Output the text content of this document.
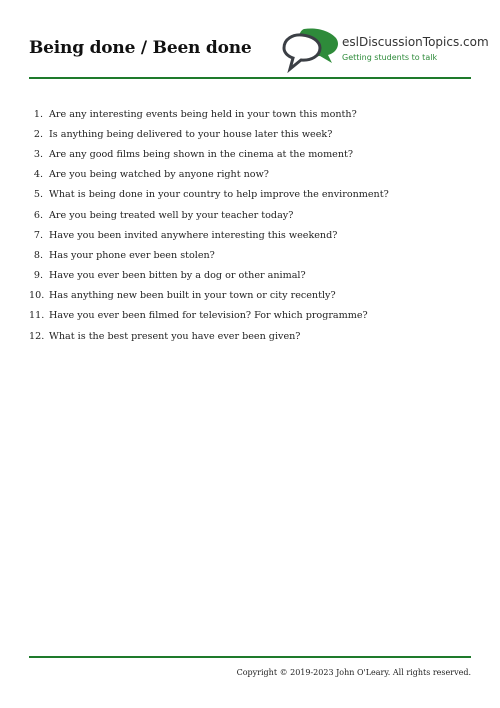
Being done / Been done	eslDiscussionTopics.com
Getting students to talk
1. Are any interesting events being held in your town this month?
2. Is anything being delivered to your house later this week?
3. Are any good films being shown in the cinema at the moment?
4. Are you being watched by anyone right now?
5. What is being done in your country to help improve the environment?
6. Are you being treated well by your teacher today?
7. Have you been invited anywhere interesting this weekend?
8. Has your phone ever been stolen?
9. Have you ever been bitten by a dog or other animal?
10. Has anything new been built in your town or city recently?
11. Have you ever been filmed for television? For which programme?
12. What is the best present you have ever been given?
Copyright © 2019-2023 John O'Leary. All rights reserved.
